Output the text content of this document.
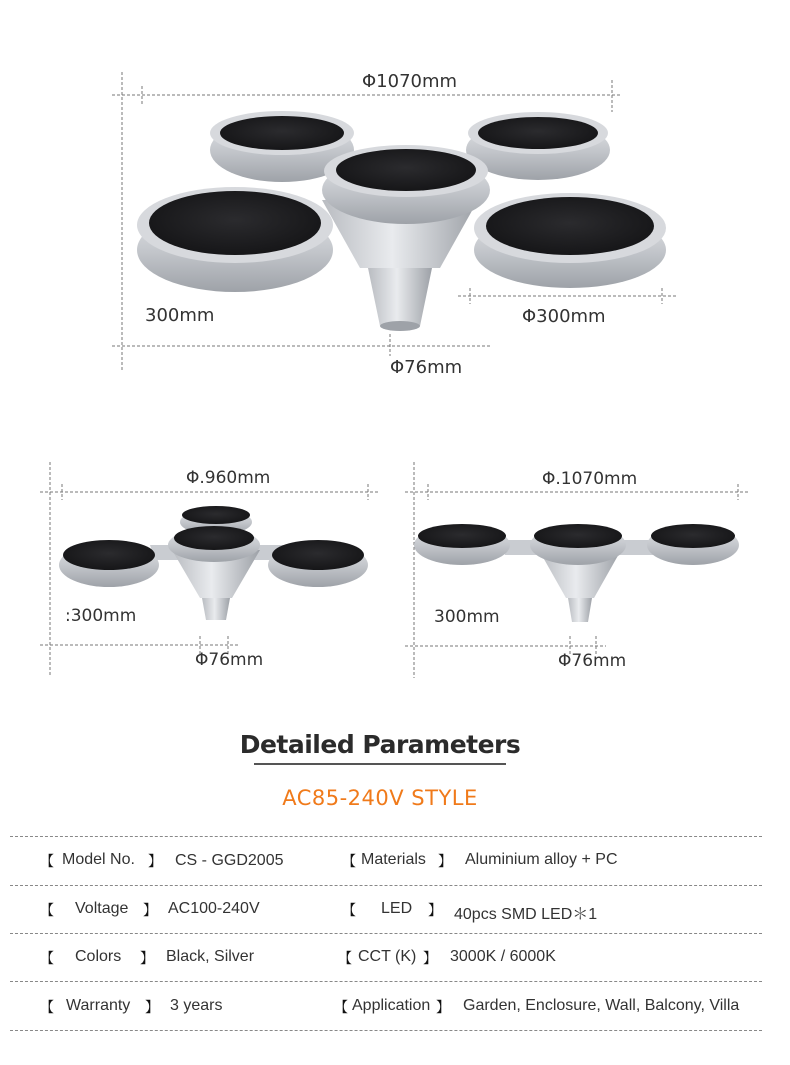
Φ1070mm
300mm	Φ300mm
Φ76mm
Φ.960mm
:300mm
Φ76mm
Φ.1070mm
300mm
Φ76mm
Detailed Parameters
AC85-240V STYLE
【 Model No. 】 CS - GGD2005	【 Materials 】 Aluminium alloy + PC
【 Voltage 】 AC100-240V	【 LED 】 40pcs SMD LED＊1
【 Colors 】 Black, Silver	【 CCT (K) 】 3000K / 6000K
【 Warranty 】 3 years	【 Application 】 Garden, Enclosure, Wall, Balcony, Villa
